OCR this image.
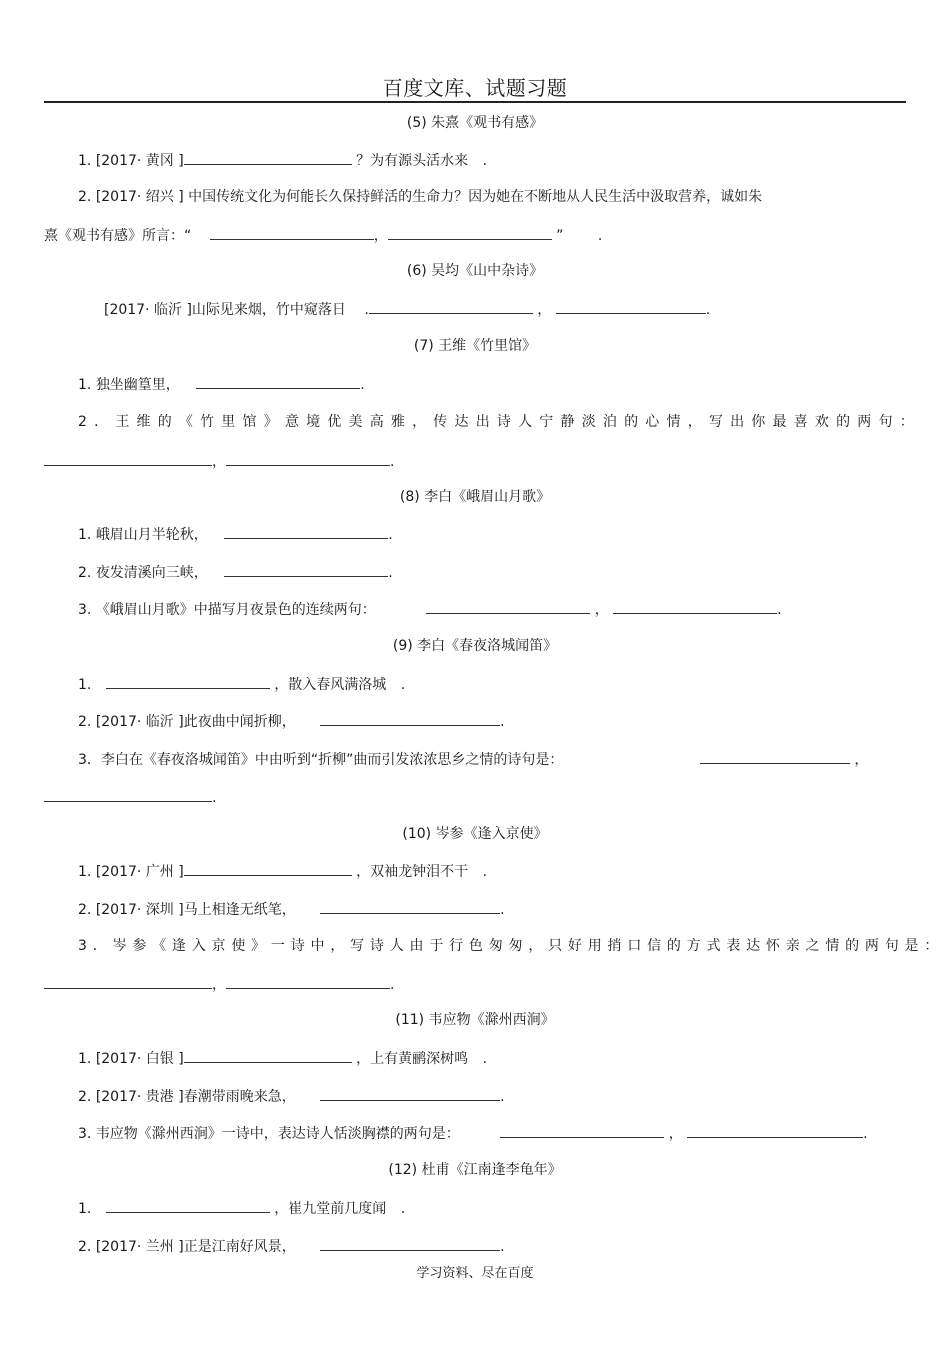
百度文库、试题习题
(5) 朱熹《观书有感》
1. [2017· 黄冈 ]	？为有源头活水来 .
2. [2017· 绍兴 ] 中国传统文化为何能长久保持鲜活的生命力？因为她在不断地从人民生活中汲取营养，诚如朱
熹《观书有感》所言：“	，	” .
(6) 吴均《山中杂诗》
[2017· 临沂 ]山际见来烟，竹中窥落日 .	，	.
(7) 王维《竹里馆》
1. 独坐幽篁里，	.
2．王维的《竹里馆》意境优美高雅，传达出诗人宁静淡泊的心情，写出你最喜欢的两句：
，	.
(8) 李白《峨眉山月歌》
1. 峨眉山月半轮秋，	.
2. 夜发清溪向三峡，	.
3. 《峨眉山月歌》中描写月夜景色的连续两句：	，	.
(9) 李白《春夜洛城闻笛》
1.	，散入春风满洛城 .
2. [2017· 临沂 ]此夜曲中闻折柳，	.
3．李白在《春夜洛城闻笛》中由听到“折柳”曲而引发浓浓思乡之情的诗句是：	，
.
(10) 岑参《逢入京使》
1. [2017· 广州 ]	，双袖龙钟泪不干 .
2. [2017· 深圳 ]马上相逢无纸笔，	.
3．岑参《逢入京使》一诗中，写诗人由于行色匆匆，只好用捎口信的方式表达怀亲之情的两句是：
，	.
(11) 韦应物《滁州西涧》
1. [2017· 白银 ]	，上有黄鹂深树鸣 .
2. [2017· 贵港 ]春潮带雨晚来急，	.
3. 韦应物《滁州西涧》一诗中，表达诗人恬淡胸襟的两句是：	，	.
(12) 杜甫《江南逢李龟年》
1.	，崔九堂前几度闻 .
2. [2017· 兰州 ]正是江南好风景，	.
学习资料、尽在百度
